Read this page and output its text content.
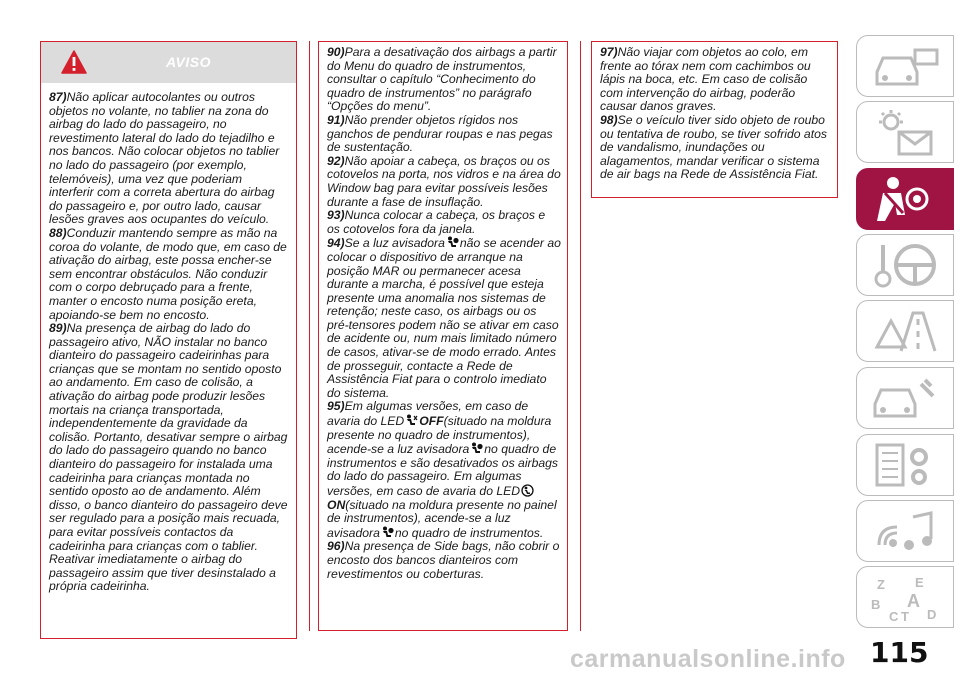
AVISO

87)Não aplicar autocolantes ou outros objetos no volante, no tablier na zona do airbag do lado do passageiro, no revestimento lateral do lado do tejadilho e nos bancos. Não colocar objetos no tablier no lado do passageiro (por exemplo, telemóveis), uma vez que poderiam interferir com a correta abertura do airbag do passageiro e, por outro lado, causar lesões graves aos ocupantes do veículo.

88)Conduzir mantendo sempre as mão na coroa do volante, de modo que, em caso de ativação do airbag, este possa encher-se sem encontrar obstáculos. Não conduzir com o corpo debruçado para a frente, manter o encosto numa posição ereta, apoiando-se bem no encosto.

89)Na presença de airbag do lado do passageiro ativo, NÃO instalar no banco dianteiro do passageiro cadeirinhas para crianças que se montam no sentido oposto ao andamento. Em caso de colisão, a ativação do airbag pode produzir lesões mortais na criança transportada, independentemente da gravidade da colisão. Portanto, desativar sempre o airbag do lado do passageiro quando no banco dianteiro do passageiro for instalada uma cadeirinha para crianças montada no sentido oposto ao de andamento. Além disso, o banco dianteiro do passageiro deve ser regulado para a posição mais recuada, para evitar possíveis contactos da cadeirinha para crianças com o tablier. Reativar imediatamente o airbag do passageiro assim que tiver desinstalado a própria cadeirinha.

90)Para a desativação dos airbags a partir do Menu do quadro de instrumentos, consultar o capítulo “Conhecimento do quadro de instrumentos” no parágrafo “Opções do menu”.

91)Não prender objetos rígidos nos ganchos de pendurar roupas e nas pegas de sustentação.

92)Não apoiar a cabeça, os braços ou os cotovelos na porta, nos vidros e na área do Window bag para evitar possíveis lesões durante a fase de insuflação.

93)Nunca colocar a cabeça, os braços e os cotovelos fora da janela.

94)Se a luz avisadora não se acender ao colocar o dispositivo de arranque na posição MAR ou permanecer acesa durante a marcha, é possível que esteja presente uma anomalia nos sistemas de retenção; neste caso, os airbags ou os pré-tensores podem não se ativar em caso de acidente ou, num mais limitado número de casos, ativar-se de modo errado. Antes de prosseguir, contacte a Rede de Assistência Fiat para o controlo imediato do sistema.

95)Em algumas versões, em caso de avaria do LED OFF(situado na moldura presente no quadro de instrumentos), acende-se a luz avisadora no quadro de instrumentos e são desativados os airbags do lado do passageiro. Em algumas versões, em caso de avaria do LEDON(situado na moldura presente no painel de instrumentos), acende-se a luz avisadora no quadro de instrumentos.

96)Na presença de Side bags, não cobrir o encosto dos bancos dianteiros com revestimentos ou coberturas.

97)Não viajar com objetos ao colo, em frente ao tórax nem com cachimbos ou lápis na boca, etc. Em caso de colisão com intervenção do airbag, poderão causar danos graves.

98)Se o veículo tiver sido objeto de roubo ou tentativa de roubo, se tiver sofrido atos de vandalismo, inundações ou alagamentos, mandar verificar o sistema de air bags na Rede de Assistência Fiat.

Z E
B A
C T D
carmanualsonline.info 115
